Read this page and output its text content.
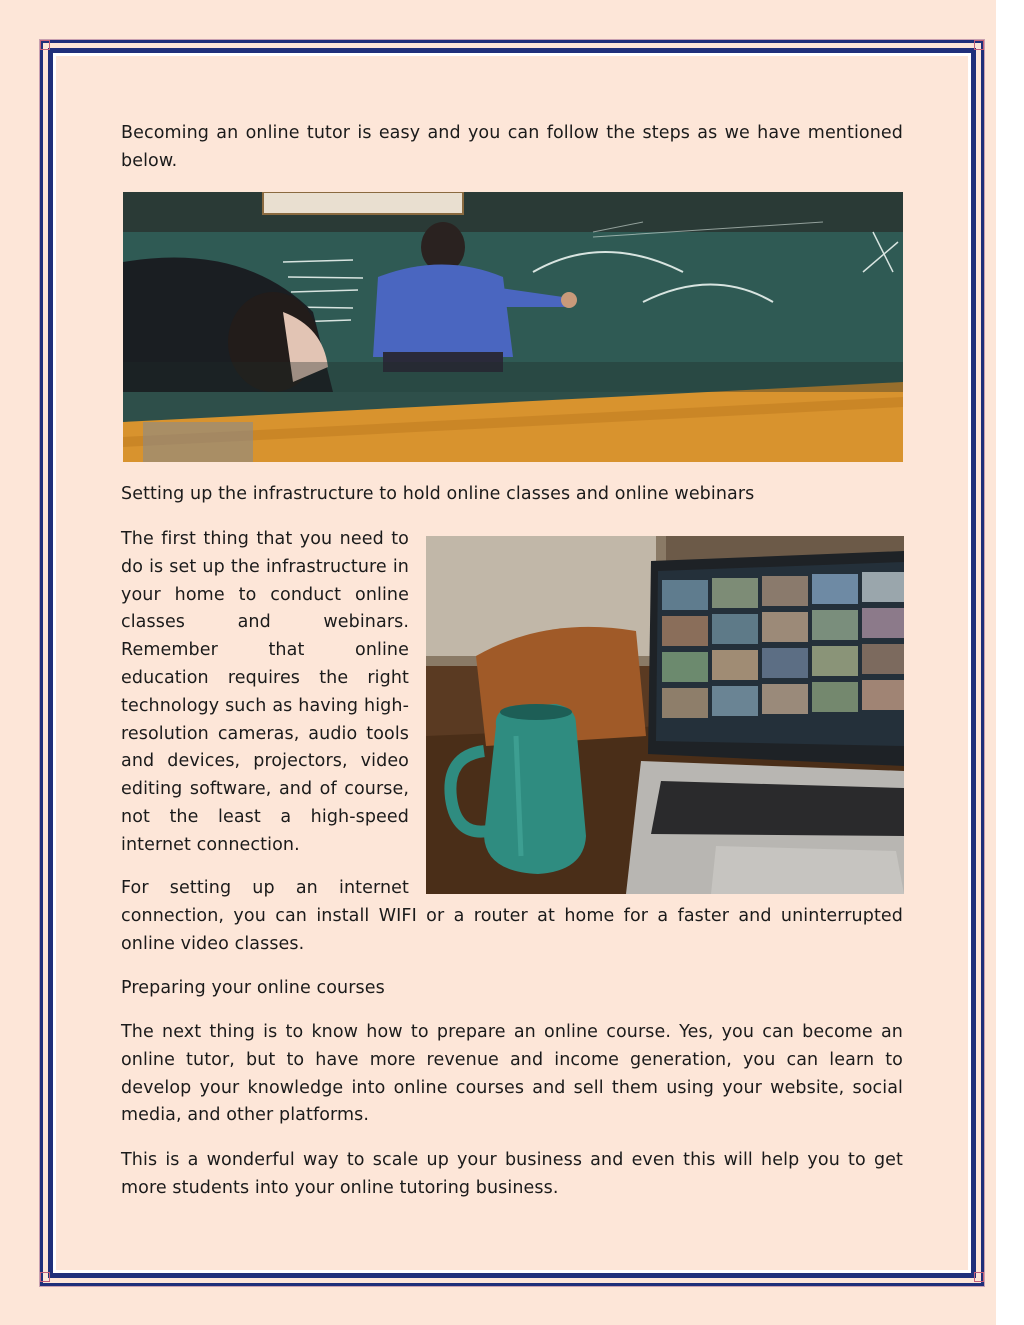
Becoming an online tutor is easy and you can follow the steps as we have mentioned below.

Setting up the infrastructure to hold online classes and online webinars

The first thing that you need to do is set up the infrastructure in your home to conduct online classes and webinars. Remember that online education requires the right technology such as having high-resolution cameras, audio tools and devices, projectors, video editing software, and of course, not the least a high-speed internet connection.

For setting up an internet

connection, you can install WIFI or a router at home for a faster and uninterrupted online video classes.

Preparing your online courses

The next thing is to know how to prepare an online course. Yes, you can become an online tutor, but to have more revenue and income generation, you can learn to develop your knowledge into online courses and sell them using your website, social media, and other platforms.

This is a wonderful way to scale up your business and even this will help you to get more students into your online tutoring business.
